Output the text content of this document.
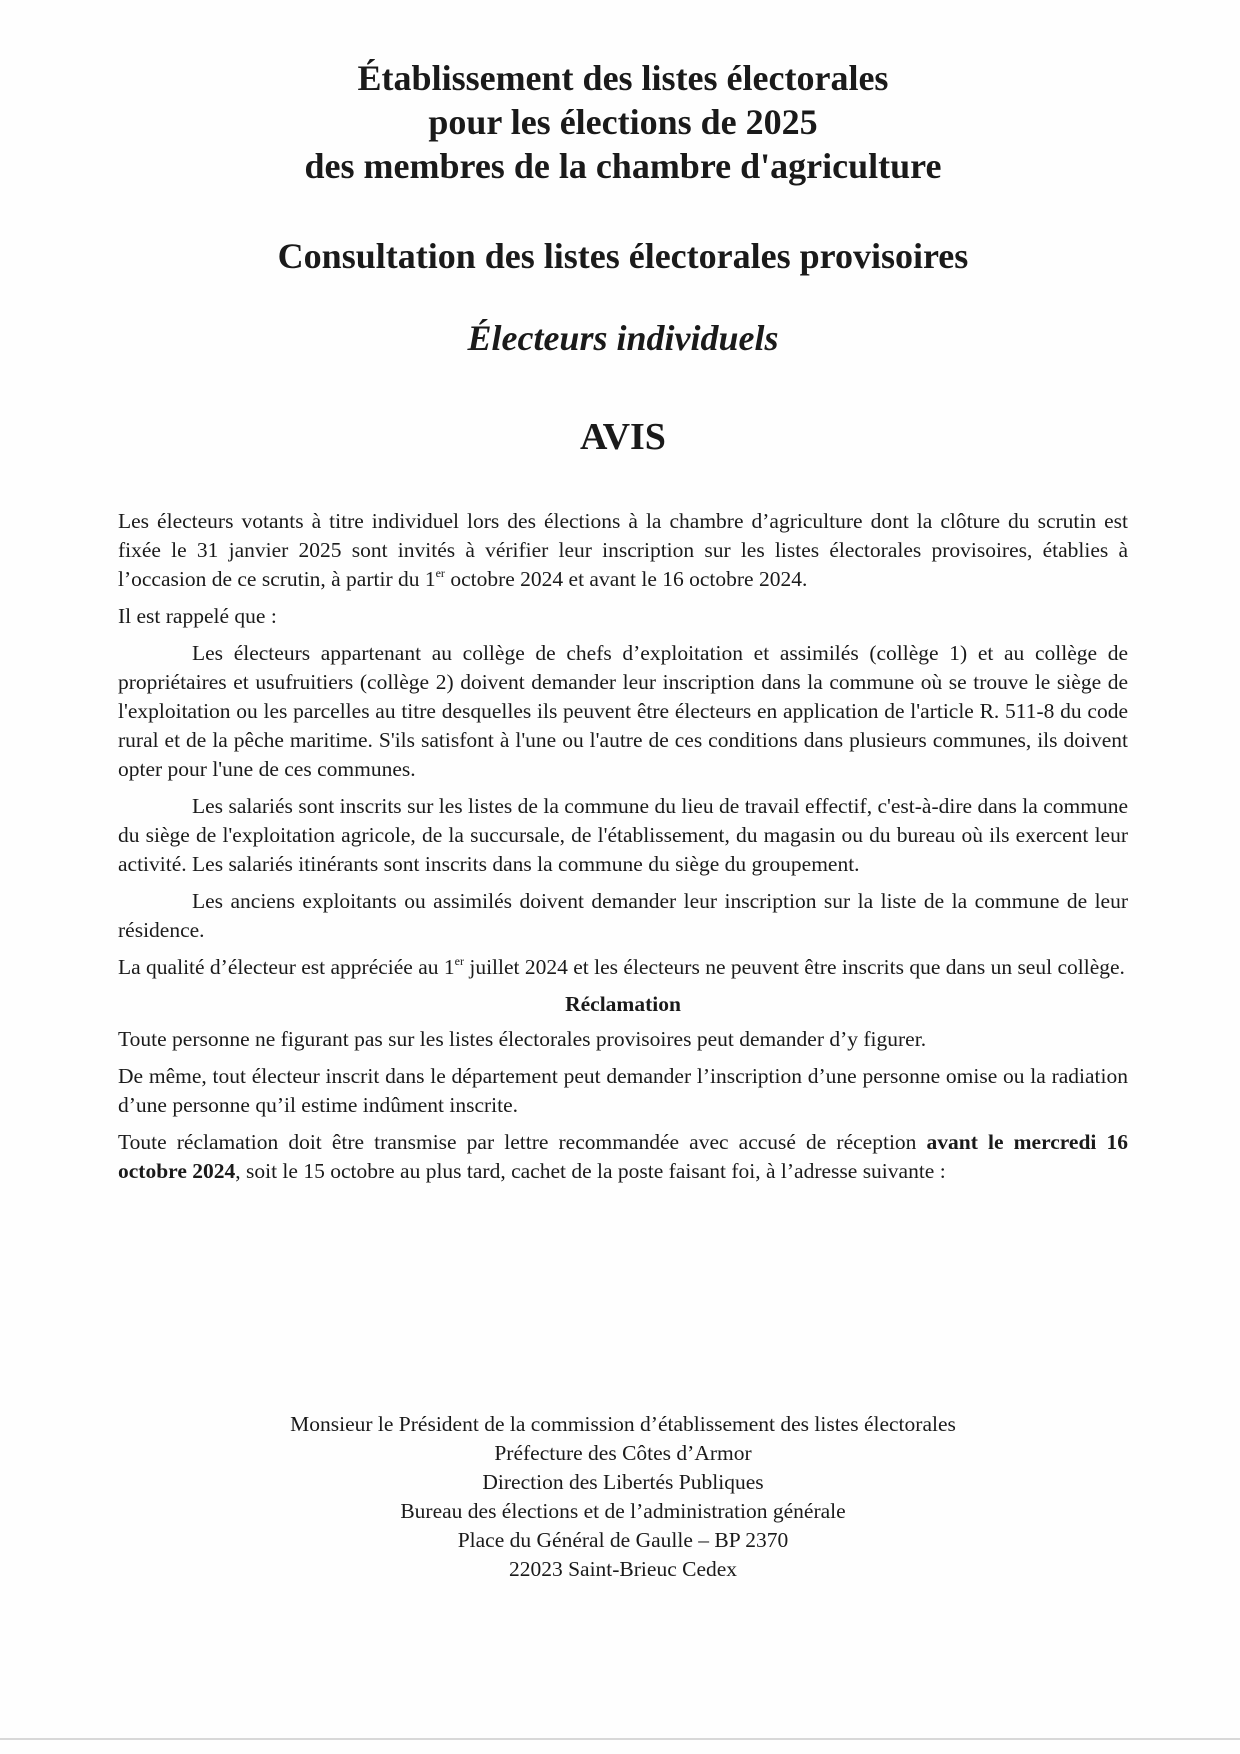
Établissement des listes électorales
pour les élections de 2025
des membres de la chambre d'agriculture
Consultation des listes électorales provisoires
Électeurs individuels
AVIS

Les électeurs votants à titre individuel lors des élections à la chambre d’agriculture dont la clôture du scrutin est fixée le 31 janvier 2025 sont invités à vérifier leur inscription sur les listes électorales provisoires, établies à l’occasion de ce scrutin, à partir du 1er octobre 2024 et avant le 16 octobre 2024.

Il est rappelé que :

Les électeurs appartenant au collège de chefs d’exploitation et assimilés (collège 1) et au collège de propriétaires et usufruitiers (collège 2) doivent demander leur inscription dans la commune où se trouve le siège de l'exploitation ou les parcelles au titre desquelles ils peuvent être électeurs en application de l'article R. 511-8 du code rural et de la pêche maritime. S'ils satisfont à l'une ou l'autre de ces conditions dans plusieurs communes, ils doivent opter pour l'une de ces communes.

Les salariés sont inscrits sur les listes de la commune du lieu de travail effectif, c'est-à-dire dans la commune du siège de l'exploitation agricole, de la succursale, de l'établissement, du magasin ou du bureau où ils exercent leur activité. Les salariés itinérants sont inscrits dans la commune du siège du groupement.

Les anciens exploitants ou assimilés doivent demander leur inscription sur la liste de la commune de leur résidence.

La qualité d’électeur est appréciée au 1er juillet 2024 et les électeurs ne peuvent être inscrits que dans un seul collège.

Réclamation

Toute personne ne figurant pas sur les listes électorales provisoires peut demander d’y figurer.

De même, tout électeur inscrit dans le département peut demander l’inscription d’une personne omise ou la radiation d’une personne qu’il estime indûment inscrite.

Toute réclamation doit être transmise par lettre recommandée avec accusé de réception avant le mercredi 16 octobre 2024, soit le 15 octobre au plus tard, cachet de la poste faisant foi, à l’adresse suivante :

Monsieur le Président de la commission d’établissement des listes électorales
Préfecture des Côtes d’Armor
Direction des Libertés Publiques
Bureau des élections et de l’administration générale
Place du Général de Gaulle – BP 2370
22023 Saint-Brieuc Cedex
